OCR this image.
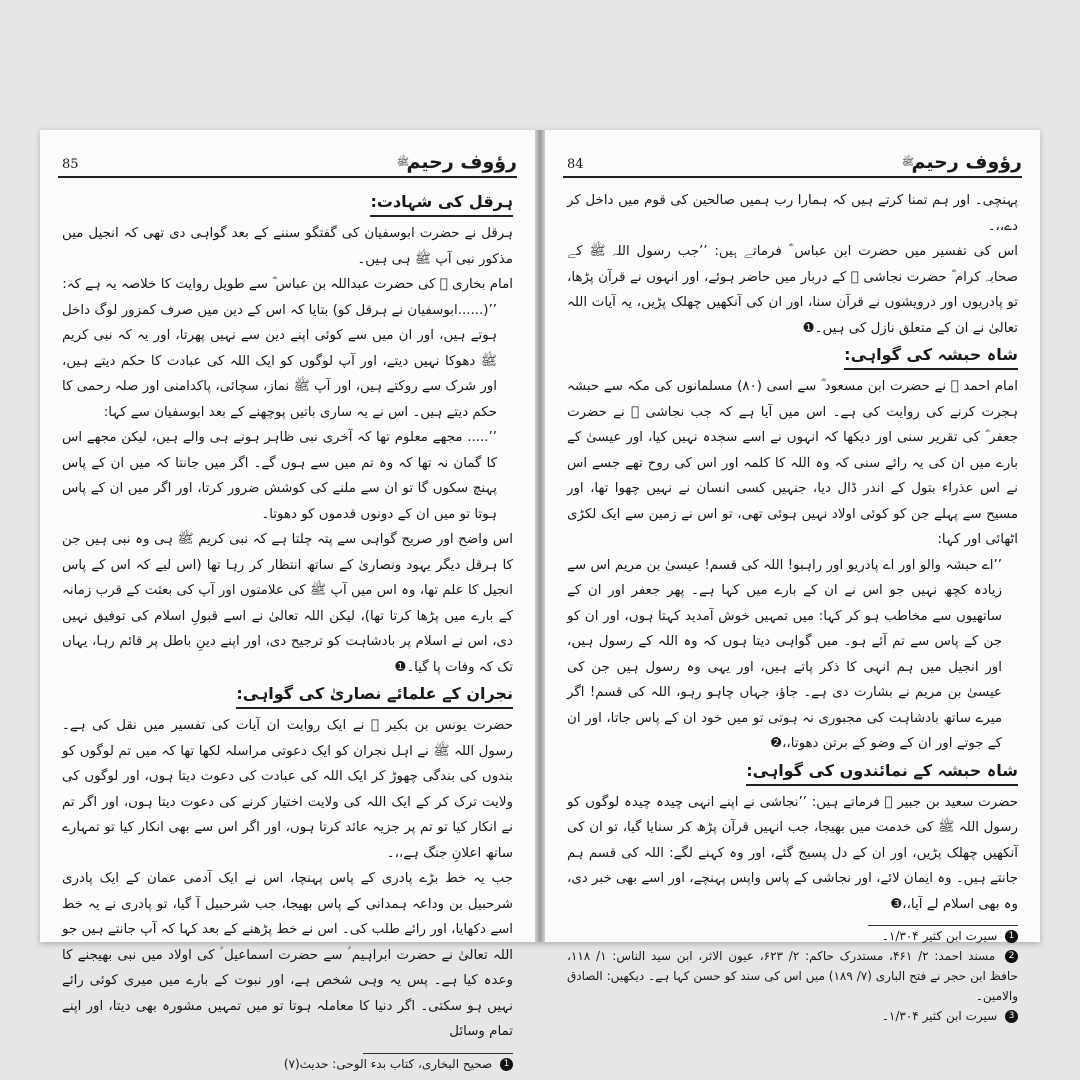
85	ﷺ
رؤوف رحیم
ہرقل کی شہادت:

ہرقل نے حضرت ابوسفیان کی گفتگو سننے کے بعد گواہی دی تھی کہ انجیل میں مذکور نبی آپ ﷺ ہی ہیں۔

امام بخاری ﷫ کی حضرت عبداللہ بن عباس ؓ سے طویل روایت کا خلاصہ یہ ہے کہ:

’’(......ابوسفیان نے ہرقل کو) بتایا کہ اس کے دین میں صرف کمزور لوگ داخل ہوتے ہیں، اور ان میں سے کوئی اپنے دین سے نہیں پھرتا، اور یہ کہ نبی کریم ﷺ دھوکا نہیں دیتے، اور آپ لوگوں کو ایک اللہ کی عبادت کا حکم دیتے ہیں، اور شرک سے روکتے ہیں، اور آپ ﷺ نماز، سچائی، پاکدامنی اور صلہ رحمی کا حکم دیتے ہیں۔ اس نے یہ ساری باتیں پوچھنے کے بعد ابوسفیان سے کہا:

’’..... مجھے معلوم تھا کہ آخری نبی ظاہر ہونے ہی والے ہیں، لیکن مجھے اس کا گمان نہ تھا کہ وہ تم میں سے ہوں گے۔ اگر میں جانتا کہ میں ان کے پاس پہنچ سکوں گا تو ان سے ملنے کی کوشش ضرور کرتا، اور اگر میں ان کے پاس ہوتا تو میں ان کے دونوں قدموں کو دھوتا۔

اس واضح اور صریح گواہی سے پتہ چلتا ہے کہ نبی کریم ﷺ ہی وہ نبی ہیں جن کا ہرقل دیگر یہود ونصاریٰ کے ساتھ انتظار کر رہا تھا (اس لیے کہ اس کے پاس انجیل کا علم تھا، وہ اس میں آپ ﷺ کی علامتوں اور آپ کی بعثت کے قرب زمانہ کے بارے میں پڑھا کرتا تھا)، لیکن اللہ تعالیٰ نے اسے قبولِ اسلام کی توفیق نہیں دی، اس نے اسلام پر بادشاہت کو ترجیح دی، اور اپنے دینِ باطل پر قائم رہا، یہاں تک کہ وفات پا گیا۔❶

نجران کے علمائے نصاریٰ کی گواہی:

حضرت یونس بن بکیر ﷫ نے ایک روایت ان آیات کی تفسیر میں نقل کی ہے۔ رسول اللہ ﷺ نے اہل نجران کو ایک دعوتی مراسلہ لکھا تھا کہ میں تم لوگوں کو بندوں کی بندگی چھوڑ کر ایک اللہ کی عبادت کی دعوت دیتا ہوں، اور لوگوں کی ولایت ترک کر کے ایک اللہ کی ولایت اختیار کرنے کی دعوت دیتا ہوں، اور اگر تم نے انکار کیا تو تم پر جزیہ عائد کرتا ہوں، اور اگر اس سے بھی انکار کیا تو تمہارے ساتھ اعلانِ جنگ ہے،،۔

جب یہ خط بڑے پادری کے پاس پہنچا، اس نے ایک آدمی عمان کے ایک پادری شرحبیل بن وداعہ ہمدانی کے پاس بھیجا، جب شرحبیل آ گیا، تو پادری نے یہ خط اسے دکھایا، اور رائے طلب کی۔ اس نے خط پڑھنے کے بعد کہا کہ آپ جانتے ہیں جو اللہ تعالیٰ نے حضرت ابراہیم ؑ سے حضرت اسماعیل ؑ کی اولاد میں نبی بھیجنے کا وعدہ کیا ہے۔ پس یہ وہی شخص ہے، اور نبوت کے بارے میں میری کوئی رائے نہیں ہو سکتی۔ اگر دنیا کا معاملہ ہوتا تو میں تمہیں مشورہ بھی دیتا، اور اپنے تمام وسائل

1 صحیح البخاری، کتاب بدء الوحی: حدیث(۷)
84	ﷺ
رؤوف رحیم

پہنچی۔ اور ہم تمنا کرتے ہیں کہ ہمارا رب ہمیں صالحین کی قوم میں داخل کر دے،،۔

اس کی تفسیر میں حضرت ابن عباس ؓ فرماتے ہیں: ’’جب رسول اللہ ﷺ کے صحابہ کرام ؓ حضرت نجاشی ﷫ کے دربار میں حاضر ہوئے، اور انہوں نے قرآن پڑھا، تو پادریوں اور درویشوں نے قرآن سنا، اور ان کی آنکھیں چھلک پڑیں، یہ آیات اللہ تعالیٰ نے ان کے متعلق نازل کی ہیں۔❶

شاہ حبشہ کی گواہی:

امام احمد ﷫ نے حضرت ابن مسعود ؓ سے اسی (۸۰) مسلمانوں کی مکہ سے حبشہ ہجرت کرنے کی روایت کی ہے۔ اس میں آیا ہے کہ جب نجاشی ﷫ نے حضرت جعفر ؓ کی تقریر سنی اور دیکھا کہ انہوں نے اسے سجدہ نہیں کیا، اور عیسیٰ کے بارے میں ان کی یہ رائے سنی کہ وہ اللہ کا کلمہ اور اس کی روح تھے جسے اس نے اس عذراء بتول کے اندر ڈال دیا، جنہیں کسی انسان نے نہیں چھوا تھا، اور مسیح سے پہلے جن کو کوئی اولاد نہیں ہوئی تھی، تو اس نے زمین سے ایک لکڑی اٹھائی اور کہا:

’’اے حبشہ والو اور اے پادریو اور راہبو! اللہ کی قسم! عیسیٰ بن مریم اس سے زیادہ کچھ نہیں جو اس نے ان کے بارے میں کہا ہے۔ پھر جعفر اور ان کے ساتھیوں سے مخاطب ہو کر کہا: میں تمہیں خوش آمدید کہتا ہوں، اور ان کو جن کے پاس سے تم آئے ہو۔ میں گواہی دیتا ہوں کہ وہ اللہ کے رسول ہیں، اور انجیل میں ہم انہی کا ذکر پاتے ہیں، اور یہی وہ رسول ہیں جن کی عیسیٰ بن مریم نے بشارت دی ہے۔ جاؤ، جہاں چاہو رہو، اللہ کی قسم! اگر میرے ساتھ بادشاہت کی مجبوری نہ ہوتی تو میں خود ان کے پاس جاتا، اور ان کے جوتے اور ان کے وضو کے برتن دھوتا،،❷

شاہ حبشہ کے نمائندوں کی گواہی:

حضرت سعید بن جبیر ﷫ فرماتے ہیں: ’’نجاشی نے اپنے انہی چیدہ چیدہ لوگوں کو رسول اللہ ﷺ کی خدمت میں بھیجا، جب انہیں قرآن پڑھ کر سنایا گیا، تو ان کی آنکھیں چھلک پڑیں، اور ان کے دل پسیج گئے، اور وہ کہنے لگے: اللہ کی قسم ہم جانتے ہیں۔ وہ ایمان لائے، اور نجاشی کے پاس واپس پہنچے، اور اسے بھی خبر دی، وہ بھی اسلام لے آیا،،❸

1 سیرت ابن کثیر ۱/۳۰۴۔
2 مسند احمد: ۲/ ۴۶۱، مستدرک حاکم: ۲/ ۶۲۳، عیون الاثر، ابن سید الناس: ۱/ ۱۱۸، حافظ ابن حجر نے فتح الباری (۷/ ۱۸۹) میں اس کی سند کو حسن کہا ہے۔ دیکھیں: الصادق والامین۔
3 سیرت ابن کثیر ۱/۳۰۴۔
